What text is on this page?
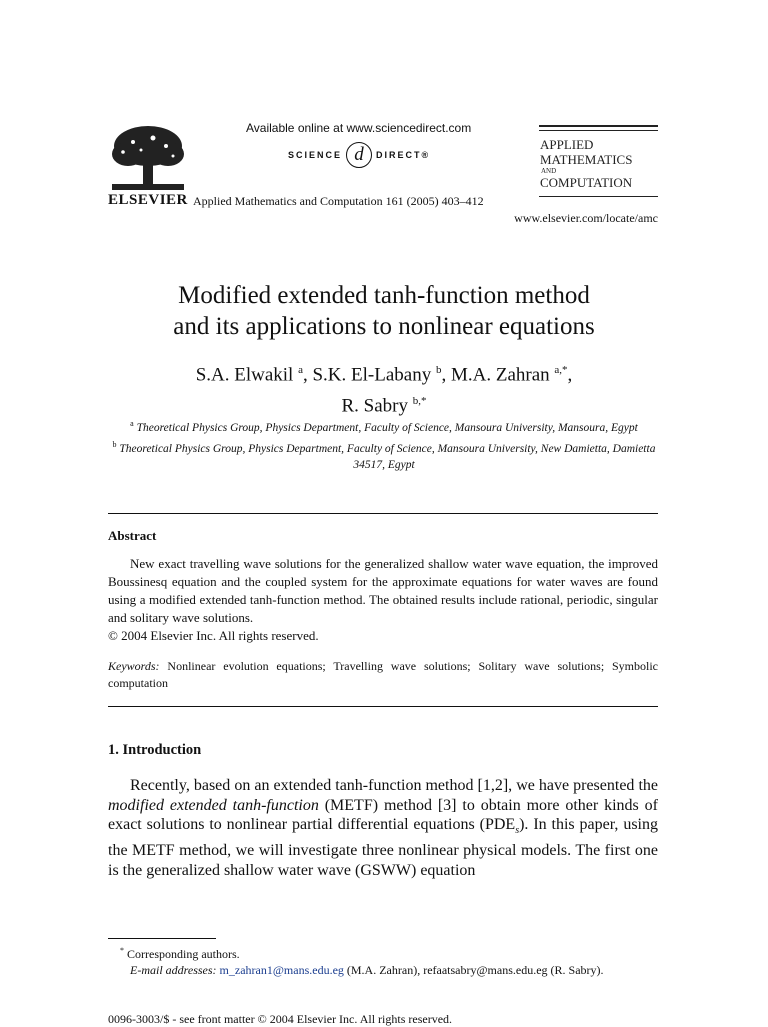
ELSEVIER
Available online at www.sciencedirect.com
SCIENCE d	DIRECT®
Applied Mathematics and Computation 161 (2005) 403–412
www.elsevier.com/locate/amc
APPLIED
MATHEMATICS
AND
COMPUTATION
Modified extended tanh-function method
and its applications to nonlinear equations
S.A. Elwakil $^a$, S.K. El-Labany $^b$, M.A. Zahran $^{a,*}$,
R. Sabry $^{b,*}$
$^a$ Theoretical Physics Group, Physics Department, Faculty of Science, Mansoura University, Mansoura, Egypt
$^b$ Theoretical Physics Group, Physics Department, Faculty of Science, Mansoura University, New Damietta, Damietta 34517, Egypt
Abstract
New exact travelling wave solutions for the generalized shallow water wave equation, the improved Boussinesq equation and the coupled system for the approximate equations for water waves are found using a modified extended tanh-function method. The obtained results include rational, periodic, singular and solitary wave solutions.
© 2004 Elsevier Inc. All rights reserved.
Keywords: Nonlinear evolution equations; Travelling wave solutions; Solitary wave solutions; Symbolic computation
1. Introduction
Recently, based on an extended tanh-function method [1,2], we have presented the modified extended tanh-function (METF) method [3] to obtain more other kinds of exact solutions to nonlinear partial differential equations $(PDE_s)$. In this paper, using the METF method, we will investigate three nonlinear physical models. The first one is the generalized shallow water wave (GSWW) equation
* Corresponding authors.
E-mail addresses: m_zahran1@mans.edu.eg (M.A. Zahran), refaatsabry@mans.edu.eg (R. Sabry).
0096-3003/$ - see front matter © 2004 Elsevier Inc. All rights reserved.
